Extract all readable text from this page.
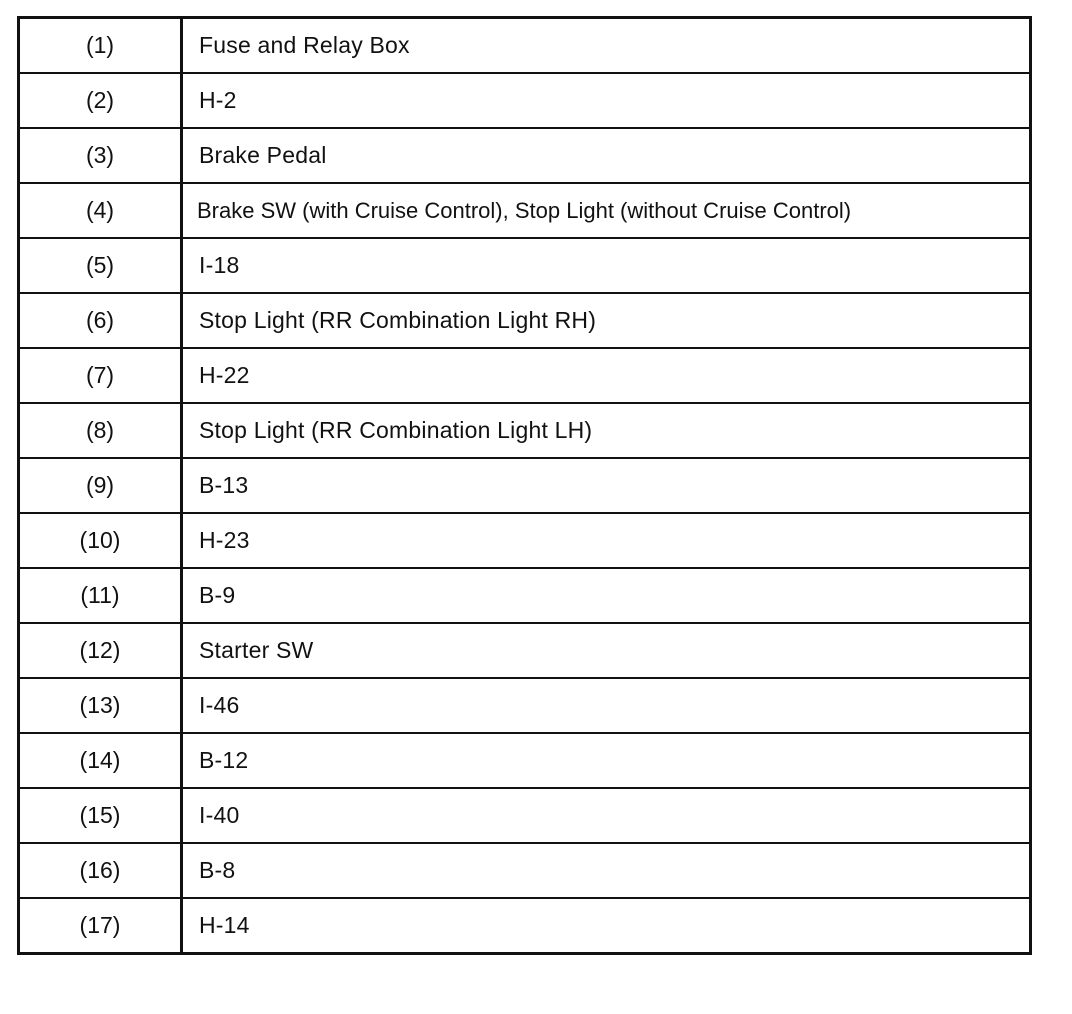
(1)	Fuse and Relay Box
(2)	H-2
(3)	Brake Pedal
(4)	Brake SW (with Cruise Control), Stop Light (without Cruise Control)
(5)	I-18
(6)	Stop Light (RR Combination Light RH)
(7)	H-22
(8)	Stop Light (RR Combination Light LH)
(9)	B-13
(10)	H-23
(11)	B-9
(12)	Starter SW
(13)	I-46
(14)	B-12
(15)	I-40
(16)	B-8
(17)	H-14
